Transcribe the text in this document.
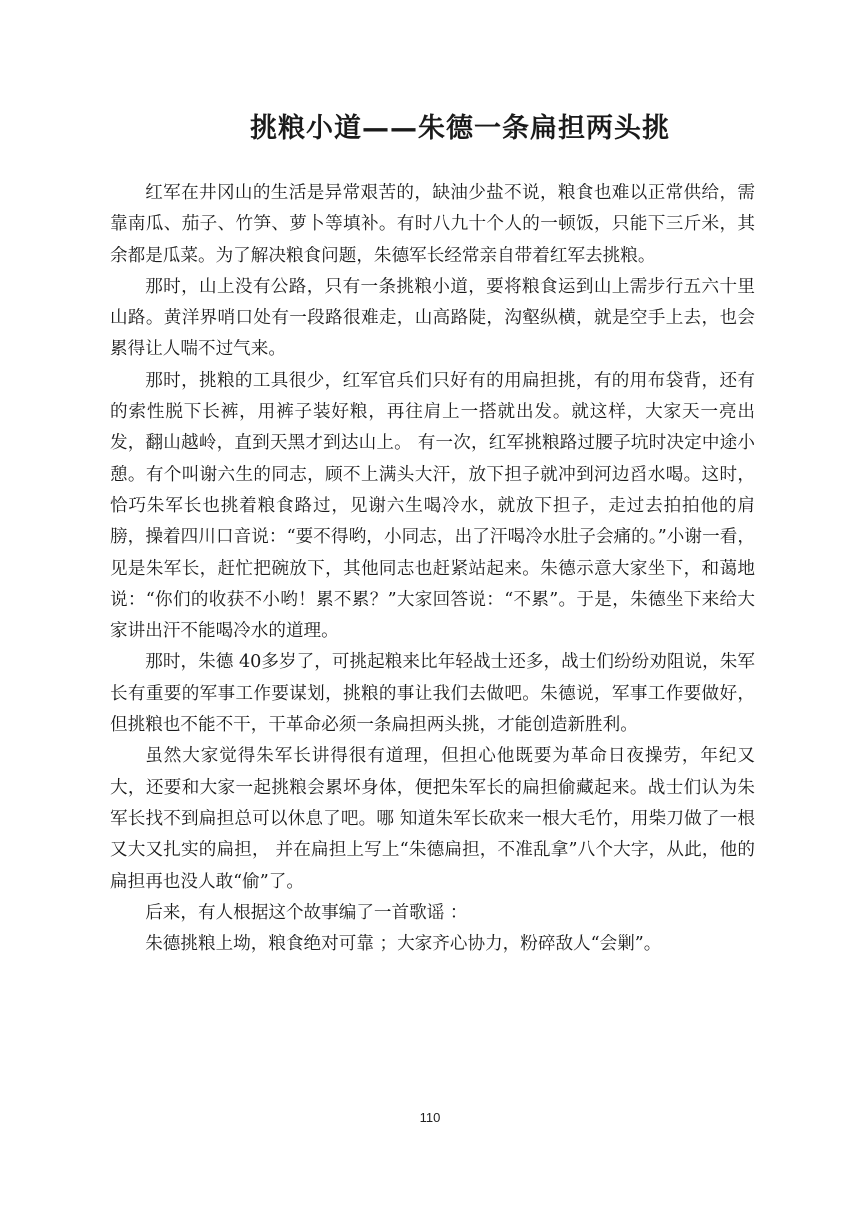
挑粮小道——朱德一条扁担两头挑

红军在井冈山的生活是异常艰苦的，缺油少盐不说，粮食也难以正常供给，需靠南瓜、茄子、竹笋、萝卜等填补。有时八九十个人的一顿饭，只能下三斤米，其余都是瓜菜。为了解决粮食问题，朱德军长经常亲自带着红军去挑粮。

那时，山上没有公路，只有一条挑粮小道，要将粮食运到山上需步行五六十里山路。黄洋界哨口处有一段路很难走，山高路陡，沟壑纵横，就是空手上去，也会累得让人喘不过气来。

那时，挑粮的工具很少，红军官兵们只好有的用扁担挑，有的用布袋背，还有的索性脱下长裤，用裤子装好粮，再往肩上一搭就出发。就这样，大家天一亮出发，翻山越岭，直到天黑才到达山上。 有一次，红军挑粮路过腰子坑时决定中途小憩。有个叫谢六生的同志，顾不上满头大汗，放下担子就冲到河边舀水喝。这时，恰巧朱军长也挑着粮食路过，见谢六生喝冷水，就放下担子，走过去拍拍他的肩膀，操着四川口音说：“要不得哟，小同志，出了汗喝冷水肚子会痛的。”小谢一看，见是朱军长，赶忙把碗放下，其他同志也赶紧站起来。朱德示意大家坐下，和蔼地说：“你们的收获不小哟！累不累？”大家回答说：“不累”。于是，朱德坐下来给大家讲出汗不能喝冷水的道理。

那时，朱德 40多岁了，可挑起粮来比年轻战士还多，战士们纷纷劝阻说，朱军长有重要的军事工作要谋划，挑粮的事让我们去做吧。朱德说，军事工作要做好，但挑粮也不能不干，干革命必须一条扁担两头挑，才能创造新胜利。

虽然大家觉得朱军长讲得很有道理，但担心他既要为革命日夜操劳，年纪又大，还要和大家一起挑粮会累坏身体，便把朱军长的扁担偷藏起来。战士们认为朱军长找不到扁担总可以休息了吧。哪 知道朱军长砍来一根大毛竹，用柴刀做了一根又大又扎实的扁担， 并在扁担上写上“朱德扁担，不准乱拿”八个大字，从此，他的扁担再也没人敢“偷”了。

后来，有人根据这个故事编了一首歌谣 ：

朱德挑粮上坳，粮食绝对可靠 ；大家齐心协力，粉碎敌人“会剿”。

110
